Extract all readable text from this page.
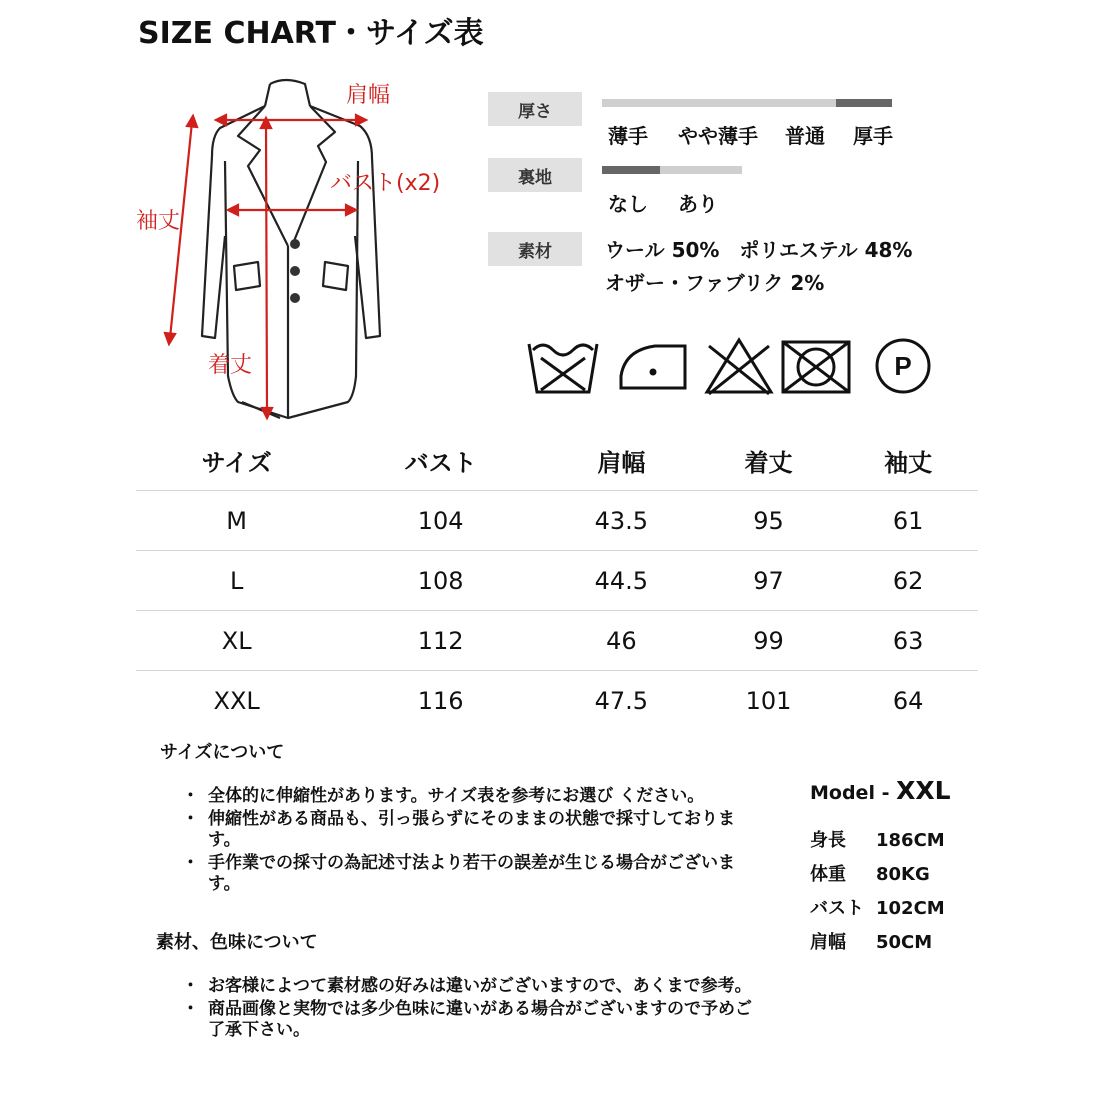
SIZE CHART・サイズ表
肩幅
バスト(x2)
袖丈
着丈
厚さ
薄手 やや薄手 普通 厚手
裏地
なし あり
素材	ウール 50%　ポリエステル 48%
オザー・ファブリク 2%
P
サイズ	バスト	肩幅	着丈	袖丈
M	104	43.5	95	61
L	108	44.5	97	62
XL	112	46	99	63
XXL	116	47.5	101	64
サイズについて
・ 全体的に伸縮性があります。サイズ表を参考にお選び ください。
・ 伸縮性がある商品も、引っ張らずにそのままの状態で採寸しております。
・ 手作業での採寸の為記述寸法より若干の誤差が生じる場合がございます。
素材、色味について
・ お客様によつて素材感の好みは違いがございますので、あくまで参考。
・ 商品画像と実物では多少色味に違いがある場合がございますので予めご了承下さい。
Model - XXL
身長 186CM
体重 80KG
バスト 102CM
肩幅 50CM
